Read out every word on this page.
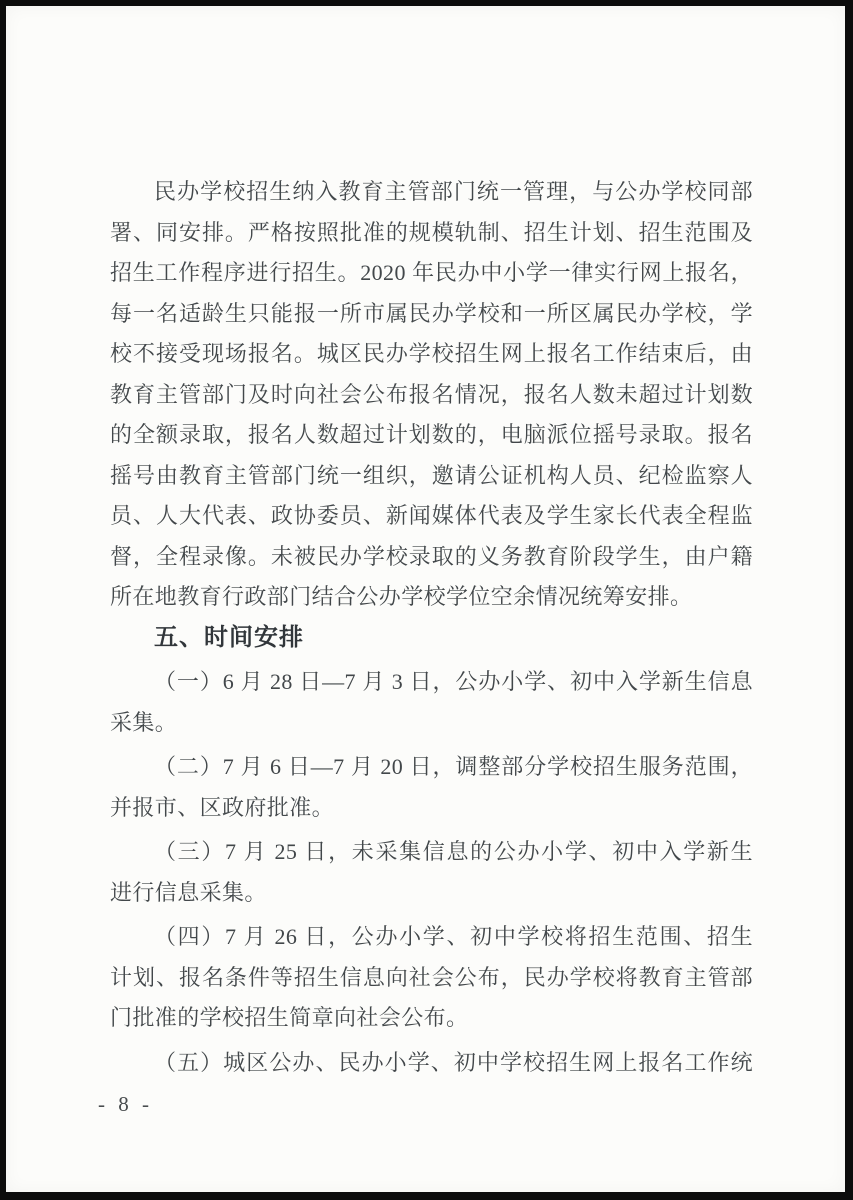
民办学校招生纳入教育主管部门统一管理，与公办学校同部
署、同安排。严格按照批准的规模轨制、招生计划、招生范围及
招生工作程序进行招生。2020 年民办中小学一律实行网上报名，
每一名适龄生只能报一所市属民办学校和一所区属民办学校，学
校不接受现场报名。城区民办学校招生网上报名工作结束后，由
教育主管部门及时向社会公布报名情况，报名人数未超过计划数
的全额录取，报名人数超过计划数的，电脑派位摇号录取。报名
摇号由教育主管部门统一组织，邀请公证机构人员、纪检监察人
员、人大代表、政协委员、新闻媒体代表及学生家长代表全程监
督，全程录像。未被民办学校录取的义务教育阶段学生，由户籍
所在地教育行政部门结合公办学校学位空余情况统筹安排。
五、时间安排
（一）6 月 28 日—7 月 3 日，公办小学、初中入学新生信息
采集。
（二）7 月 6 日—7 月 20 日，调整部分学校招生服务范围，
并报市、区政府批准。
（三）7 月 25 日，未采集信息的公办小学、初中入学新生
进行信息采集。
（四）7 月 26 日，公办小学、初中学校将招生范围、招生
计划、报名条件等招生信息向社会公布，民办学校将教育主管部
门批准的学校招生简章向社会公布。
（五）城区公办、民办小学、初中学校招生网上报名工作统
- 8 -
